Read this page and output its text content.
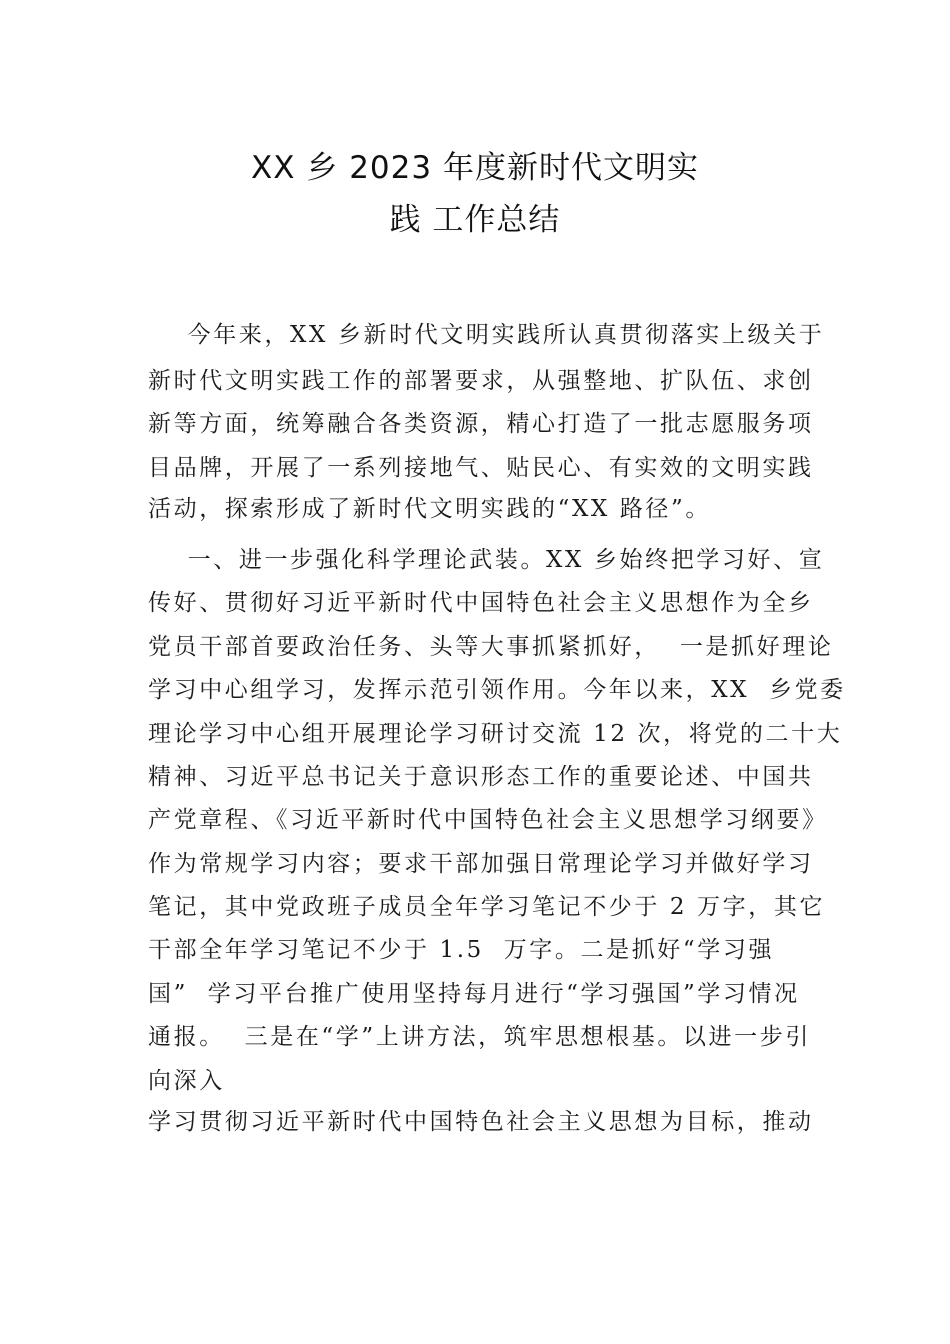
XX 乡 2023 年度新时代文明实
践 工作总结
今年来，XX 乡新时代文明实践所认真贯彻落实上级关于
新时代文明实践工作的部署要求，从强整地、扩队伍、求创
新等方面，统筹融合各类资源，精心打造了一批志愿服务项
目品牌，开展了一系列接地气、贴民心、有实效的文明实践
活动，探索形成了新时代文明实践的“XX 路径”。
一、进一步强化科学理论武装。XX 乡始终把学习好、宣
传好、贯彻好习近平新时代中国特色社会主义思想作为全乡
党员干部首要政治任务、头等大事抓紧抓好，  一是抓好理论
学习中心组学习，发挥示范引领作用。今年以来，XX  乡党委
理论学习中心组开展理论学习研讨交流 12 次，将党的二十大
精神、习近平总书记关于意识形态工作的重要论述、中国共
产党章程、《习近平新时代中国特色社会主义思想学习纲要》
作为常规学习内容；要求干部加强日常理论学习并做好学习
笔记，其中党政班子成员全年学习笔记不少于 2 万字，其它
干部全年学习笔记不少于 1.5  万字。二是抓好“学习强
国”  学习平台推广使用坚持每月进行“学习强国”学习情况
通报。  三是在“学”上讲方法，筑牢思想根基。以进一步引
向深入
学习贯彻习近平新时代中国特色社会主义思想为目标，推动
